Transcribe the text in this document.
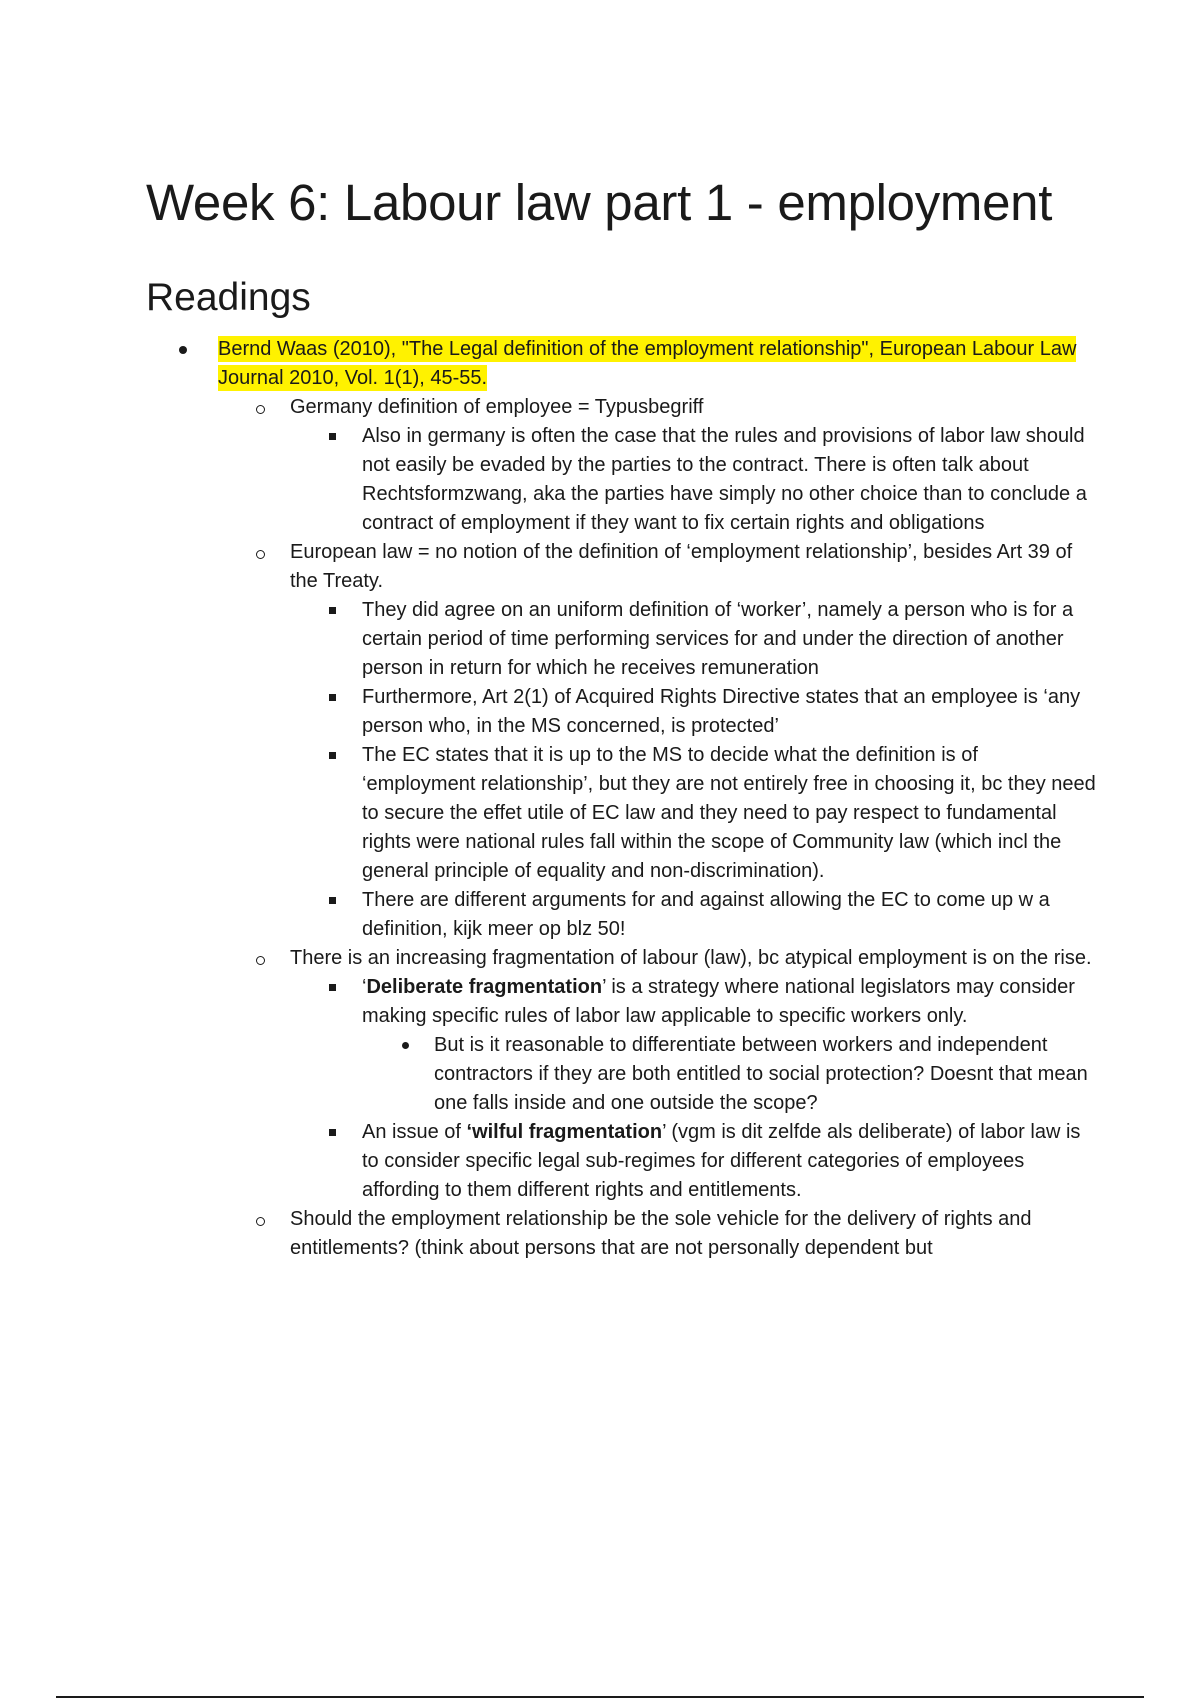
Week 6: Labour law part 1 - employment
Readings
Bernd Waas (2010), "The Legal definition of the employment relationship", European Labour Law Journal 2010, Vol. 1(1), 45-55.
Germany definition of employee = Typusbegriff
Also in germany is often the case that the rules and provisions of labor law should not easily be evaded by the parties to the contract. There is often talk about Rechtsformzwang, aka the parties have simply no other choice than to conclude a contract of employment if they want to fix certain rights and obligations
European law = no notion of the definition of ‘employment relationship’, besides Art 39 of the Treaty.
They did agree on an uniform definition of ‘worker’, namely a person who is for a certain period of time performing services for and under the direction of another person in return for which he receives remuneration
Furthermore, Art 2(1) of Acquired Rights Directive states that an employee is ‘any person who, in the MS concerned, is protected’
The EC states that it is up to the MS to decide what the definition is of ‘employment relationship’, but they are not entirely free in choosing it, bc they need to secure the effet utile of EC law and they need to pay respect to fundamental rights were national rules fall within the scope of Community law (which incl the general principle of equality and non-discrimination).
There are different arguments for and against allowing the EC to come up w a definition, kijk meer op blz 50!
There is an increasing fragmentation of labour (law), bc atypical employment is on the rise.
‘Deliberate fragmentation’ is a strategy where national legislators may consider making specific rules of labor law applicable to specific workers only.
But is it reasonable to differentiate between workers and independent contractors if they are both entitled to social protection? Doesnt that mean one falls inside and one outside the scope?
An issue of ‘wilful fragmentation’ (vgm is dit zelfde als deliberate) of labor law is to consider specific legal sub-regimes for different categories of employees affording to them different rights and entitlements.
Should the employment relationship be the sole vehicle for the delivery of rights and entitlements? (think about persons that are not personally dependent but
